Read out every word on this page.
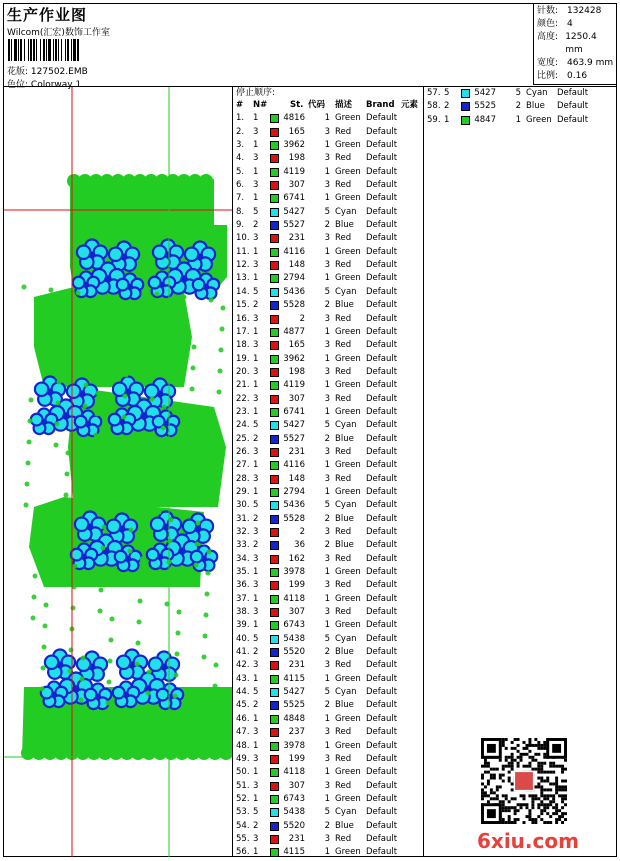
生产作业图
Wilcom(汇宏)数饰工作室
花版: 127502.EMB
色位: Colorway 1
针数: 132428
颜色: 4
高度: 1250.4 mm
宽度: 463.9 mm
比例: 0.16
停止顺序:
# N#	St. 代码 描述 Brand 元素
1. 1	4816	1 Green Default
2. 3	165	3 Red Default
3. 1	3962	1 Green Default
4. 3	198	3 Red Default
5. 1	4119	1 Green Default
6. 3	307	3 Red Default
7. 1	6741	1 Green Default
8. 5	5427	5 Cyan Default
9. 2	5527	2 Blue Default
10. 3	231	3 Red Default
11. 1	4116	1 Green Default
12. 3	148	3 Red Default
13. 1	2794	1 Green Default
14. 5	5436	5 Cyan Default
15. 2	5528	2 Blue Default
16. 3	2	3 Red Default
17. 1	4877	1 Green Default
18. 3	165	3 Red Default
19. 1	3962	1 Green Default
20. 3	198	3 Red Default
21. 1	4119	1 Green Default
22. 3	307	3 Red Default
23. 1	6741	1 Green Default
24. 5	5427	5 Cyan Default
25. 2	5527	2 Blue Default
26. 3	231	3 Red Default
27. 1	4116	1 Green Default
28. 3	148	3 Red Default
29. 1	2794	1 Green Default
30. 5	5436	5 Cyan Default
31. 2	5528	2 Blue Default
32. 3	2	3 Red Default
33. 2	36	2 Blue Default
34. 3	162	3 Red Default
35. 1	3978	1 Green Default
36. 3	199	3 Red Default
37. 1	4118	1 Green Default
38. 3	307	3 Red Default
39. 1	6743	1 Green Default
40. 5	5438	5 Cyan Default
41. 2	5520	2 Blue Default
42. 3	231	3 Red Default
43. 1	4115	1 Green Default
44. 5	5427	5 Cyan Default
45. 2	5525	2 Blue Default
46. 1	4848	1 Green Default
47. 3	237	3 Red Default
48. 1	3978	1 Green Default
49. 3	199	3 Red Default
50. 1	4118	1 Green Default
51. 3	307	3 Red Default
52. 1	6743	1 Green Default
53. 5	5438	5 Cyan Default
54. 2	5520	2 Blue Default
55. 3	231	3 Red Default
56. 1	4115	1 Green Default
57. 5	5427	5 Cyan Default
58. 2	5525	2 Blue Default
59. 1	4847	1 Green Default
6xiu.com
